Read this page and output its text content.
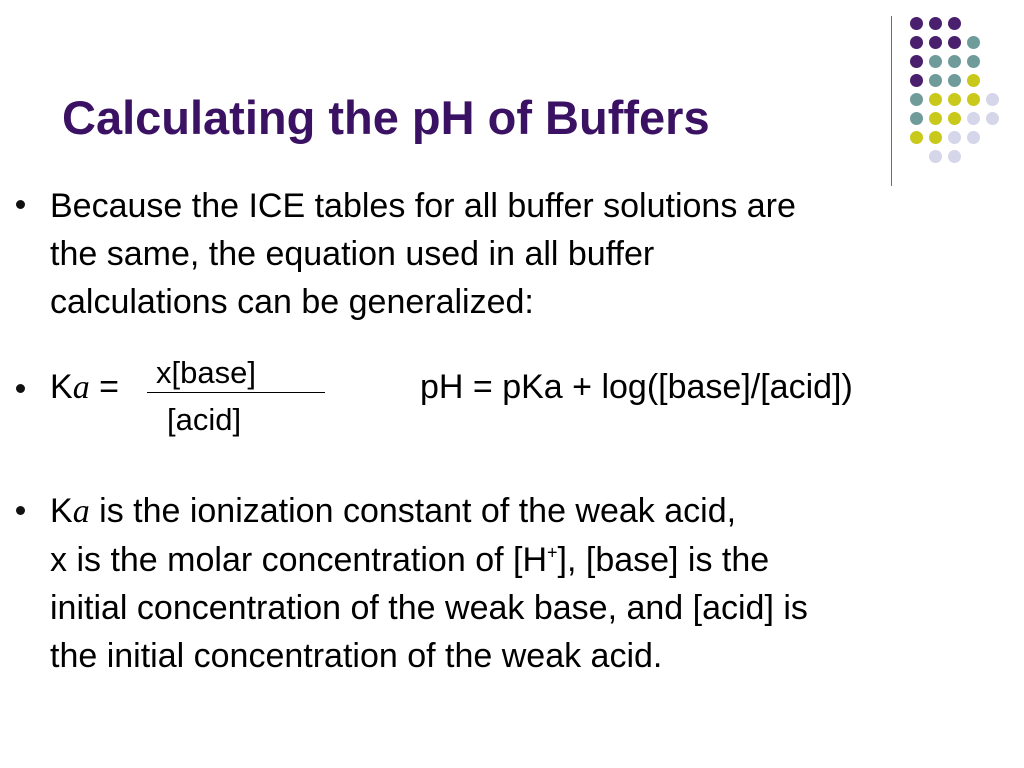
Calculating the pH of Buffers
Because the ICE tables for all buffer solutions are
the same, the equation used in all buffer
calculations can be generalized:
Ka = x[base]
[acid]
pH = pKa + log([base]/[acid])
Ka is the ionization constant of the weak acid,
x is the molar concentration of [H+], [base] is the
initial concentration of the weak base, and [acid] is
the initial concentration of the weak acid.
